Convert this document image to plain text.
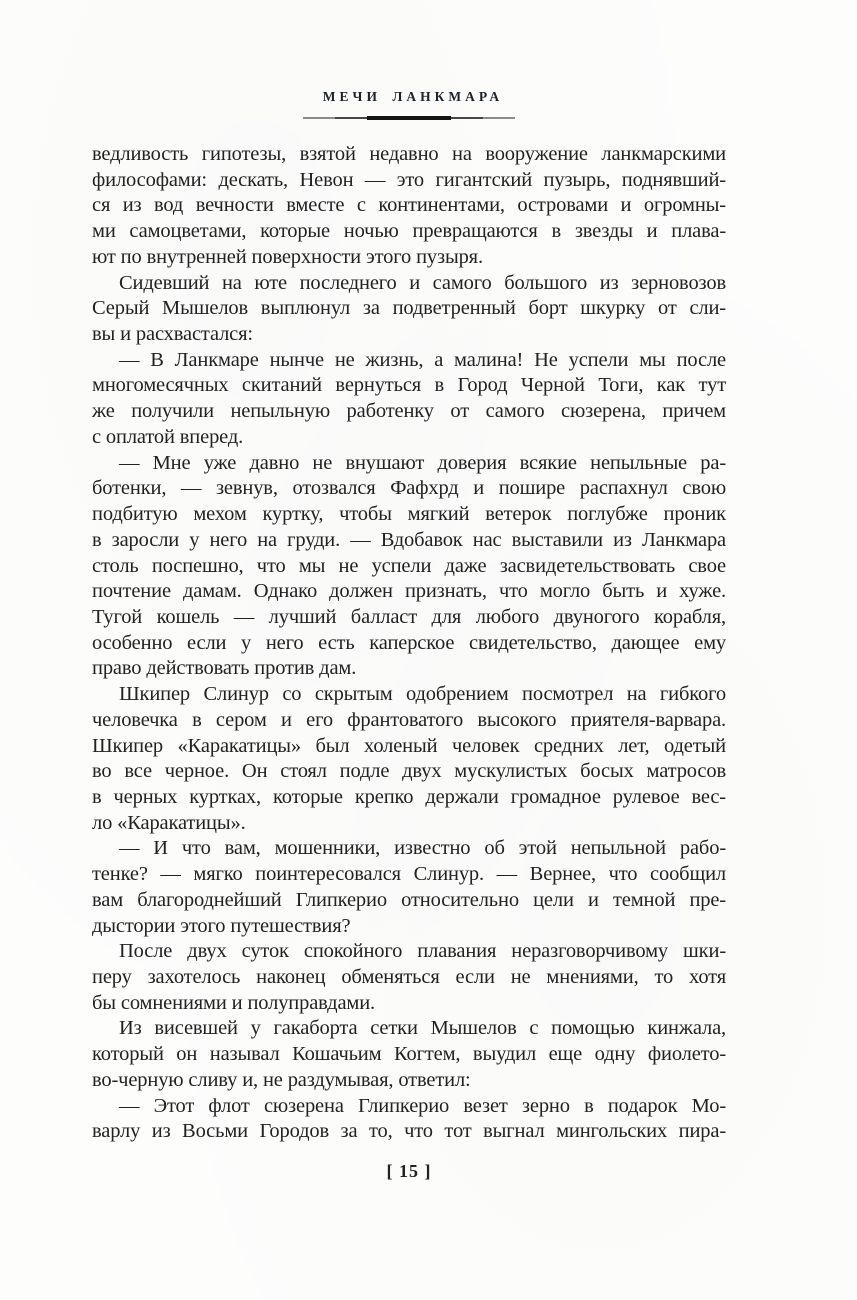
МЕЧИ ЛАНКМАРА
ведливость гипотезы, взятой недавно на вооружение ланкмарскими
философами: дескать, Невон — это гигантский пузырь, поднявший-
ся из вод вечности вместе с континентами, островами и огромны-
ми самоцветами, которые ночью превращаются в звезды и плава-
ют по внутренней поверхности этого пузыря.
Сидевший на юте последнего и самого большого из зерновозов
Серый Мышелов выплюнул за подветренный борт шкурку от сли-
вы и расхвастался:
— В Ланкмаре нынче не жизнь, а малина! Не успели мы после
многомесячных скитаний вернуться в Город Черной Тоги, как тут
же получили непыльную работенку от самого сюзерена, причем
с оплатой вперед.
— Мне уже давно не внушают доверия всякие непыльные ра-
ботенки, — зевнув, отозвался Фафхрд и пошире распахнул свою
подбитую мехом куртку, чтобы мягкий ветерок поглубже проник
в заросли у него на груди. — Вдобавок нас выставили из Ланкмара
столь поспешно, что мы не успели даже засвидетельствовать свое
почтение дамам. Однако должен признать, что могло быть и хуже.
Тугой кошель — лучший балласт для любого двуногого корабля,
особенно если у него есть каперское свидетельство, дающее ему
право действовать против дам.
Шкипер Слинур со скрытым одобрением посмотрел на гибкого
человечка в сером и его франтоватого высокого приятеля-варвара.
Шкипер «Каракатицы» был холеный человек средних лет, одетый
во все черное. Он стоял подле двух мускулистых босых матросов
в черных куртках, которые крепко держали громадное рулевое вес-
ло «Каракатицы».
— И что вам, мошенники, известно об этой непыльной рабо-
тенке? — мягко поинтересовался Слинур. — Вернее, что сообщил
вам благороднейший Глипкерио относительно цели и темной пре-
дыстории этого путешествия?
После двух суток спокойного плавания неразговорчивому шки-
перу захотелось наконец обменяться если не мнениями, то хотя
бы сомнениями и полуправдами.
Из висевшей у гакаборта сетки Мышелов с помощью кинжала,
который он называл Кошачьим Когтем, выудил еще одну фиолето-
во-черную сливу и, не раздумывая, ответил:
— Этот флот сюзерена Глипкерио везет зерно в подарок Мо-
варлу из Восьми Городов за то, что тот выгнал мингольских пира-
[ 15 ]
